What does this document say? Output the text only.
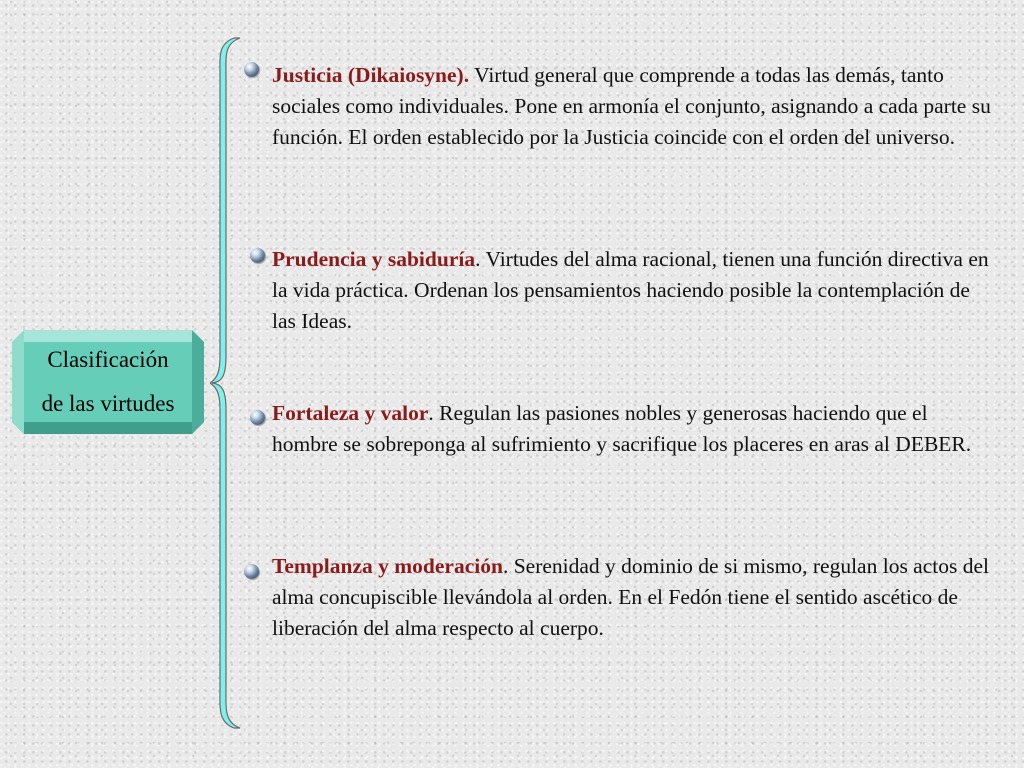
Clasificación
de las virtudes
Justicia (Dikaiosyne). Virtud general que comprende a todas las demás, tanto sociales como individuales. Pone en armonía el conjunto, asignando a cada parte su función. El orden establecido por la Justicia coincide con el orden del universo.
Prudencia y sabiduría. Virtudes del alma racional, tienen una función directiva en la vida práctica. Ordenan los pensamientos haciendo posible la contemplación de las Ideas.
Fortaleza y valor. Regulan las pasiones nobles y generosas haciendo que el hombre se sobreponga al sufrimiento y sacrifique los placeres en aras al DEBER.
Templanza y moderación. Serenidad y dominio de si mismo, regulan los actos del alma concupiscible llevándola al orden. En el Fedón tiene el sentido ascético de liberación del alma respecto al cuerpo.
